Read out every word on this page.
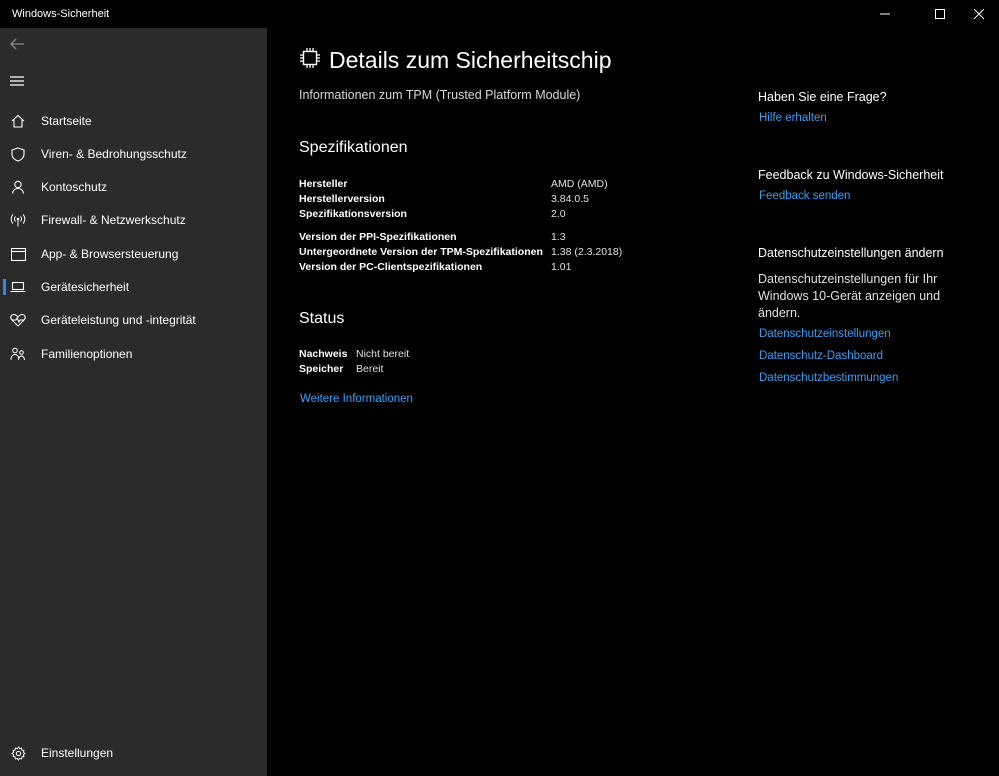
Windows-Sicherheit
Startseite
Viren- & Bedrohungsschutz
Kontoschutz
Firewall- & Netzwerkschutz
App- & Browsersteuerung
Gerätesicherheit
Geräteleistung und -integrität
Familienoptionen
Einstellungen
Details zum Sicherheitschip
Informationen zum TPM (Trusted Platform Module)
Spezifikationen
Hersteller	AMD (AMD)
Herstellerversion	3.84.0.5
Spezifikationsversion	2.0
Version der PPI-Spezifikationen	1.3
Untergeordnete Version der TPM-Spezifikationen 1.38 (2.3.2018)
Version der PC-Clientspezifikationen	1.01
Status
Nachweis Nicht bereit
Speicher Bereit
Weitere Informationen
Haben Sie eine Frage?
Hilfe erhalten
Feedback zu Windows-Sicherheit
Feedback senden
Datenschutzeinstellungen ändern
Datenschutzeinstellungen für Ihr Windows 10-Gerät anzeigen und ändern.
Datenschutzeinstellungen
Datenschutz-Dashboard
Datenschutzbestimmungen
